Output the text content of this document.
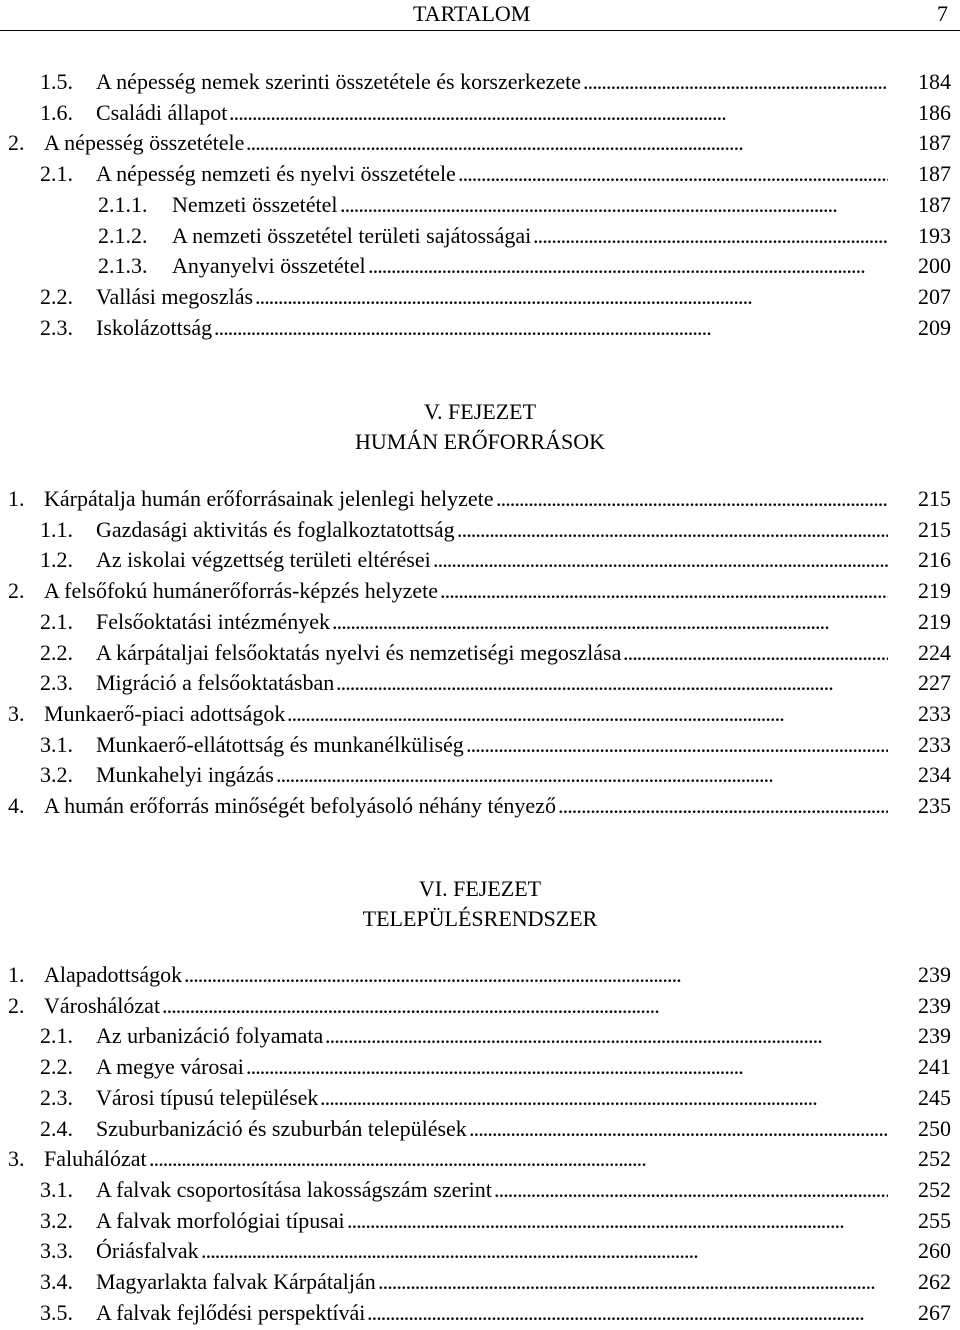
TARTALOM	7
1.5. A népesség nemek szerinti összetétele és korszerkezete . . .	184
1.6. Családi állapot . . .	186
2. A népesség összetétele . . .	187
2.1. A népesség nemzeti és nyelvi összetétele . . .	187
2.1.1. Nemzeti összetétel . . .	187
2.1.2. A nemzeti összetétel területi sajátosságai . . .	193
2.1.3. Anyanyelvi összetétel . . .	200
2.2. Vallási megoszlás . . .	207
2.3. Iskolázottság . . .	209
V. FEJEZET
HUMÁN ERŐFORRÁSOK
1. Kárpátalja humán erőforrásainak jelenlegi helyzete . . .	215
1.1. Gazdasági aktivitás és foglalkoztatottság . . .	215
1.2. Az iskolai végzettség területi eltérései . . .	216
2. A felsőfokú humánerőforrás-képzés helyzete . . .	219
2.1. Felsőoktatási intézmények . . .	219
2.2. A kárpátaljai felsőoktatás nyelvi és nemzetiségi megoszlása . . .	224
2.3. Migráció a felsőoktatásban . . .	227
3. Munkaerő-piaci adottságok . . .	233
3.1. Munkaerő-ellátottság és munkanélküliség . . .	233
3.2. Munkahelyi ingázás . . .	234
4. A humán erőforrás minőségét befolyásoló néhány tényező . . .	235
VI. FEJEZET
TELEPÜLÉSRENDSZER
1. Alapadottságok . . .	239
2. Városhálózat . . .	239
2.1. Az urbanizáció folyamata . . .	239
2.2. A megye városai . . .	241
2.3. Városi típusú települések . . .	245
2.4. Szuburbanizáció és szuburbán települések . . .	250
3. Faluhálózat . . .	252
3.1. A falvak csoportosítása lakosságszám szerint . . .	252
3.2. A falvak morfológiai típusai . . .	255
3.3. Óriásfalvak . . .	260
3.4. Magyarlakta falvak Kárpátalján . . .	262
3.5. A falvak fejlődési perspektívái . . .	267
